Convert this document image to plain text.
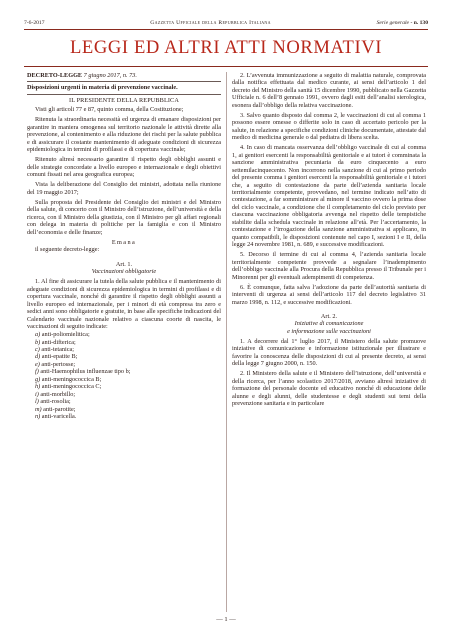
7-6-2017	Gazzetta Ufficiale della Repubblica Italiana	Serie generale - n. 130
LEGGI ED ALTRI ATTI NORMATIVI

DECRETO-LEGGE 7 giugno 2017, n. 73.

Disposizioni urgenti in materia di prevenzione vaccinale.

IL PRESIDENTE DELLA REPUBBLICA

Visti gli articoli 77 e 87, quinto comma, della Costituzione;

Ritenuta la straordinaria necessità ed urgenza di emanare disposizioni per garantire in maniera omogenea sul territorio nazionale le attività dirette alla prevenzione, al contenimento e alla riduzione dei rischi per la salute pubblica e di assicurare il costante mantenimento di adeguate condizioni di sicurezza epidemiologica in termini di profilassi e di copertura vaccinale;

Ritenuto altresì necessario garantire il rispetto degli obblighi assunti e delle strategie concordate a livello europeo e internazionale e degli obiettivi comuni fissati nel area geografica europea;

Vista la deliberazione del Consiglio dei ministri, adottata nella riunione del 19 maggio 2017;

Sulla proposta del Presidente del Consiglio dei ministri e del Ministro della salute, di concerto con il Ministro dell’istruzione, dell’università e della ricerca, con il Ministro della giustizia, con il Ministro per gli affari regionali con delega in materia di politiche per la famiglia e con il Ministro dell’economia e delle finanze;

Emana

il seguente decreto-legge:

Art. 1.

Vaccinazioni obbligatorie

1. Al fine di assicurare la tutela della salute pubblica e il mantenimento di adeguate condizioni di sicurezza epidemiologica in termini di profilassi e di copertura vaccinale, nonché di garantire il rispetto degli obblighi assunti a livello europeo ed internazionale, per i minori di età compresa tra zero e sedici anni sono obbligatorie e gratuite, in base alle specifiche indicazioni del Calendario vaccinale nazionale relativo a ciascuna coorte di nascita, le vaccinazioni di seguito indicate:

a) anti-poliomielitica;
b) anti-difterica;
c) anti-tetanica;
d) anti-epatite B;
e) anti-pertosse;
f) anti-Haemophilus influenzae tipo b;
g) anti-meningococcica B;
h) anti-meningococcica C;
i) anti-morbillo;
l) anti-rosolia;
m) anti-parotite;
n) anti-varicella.

2. L’avvenuta immunizzazione a seguito di malattia naturale, comprovata dalla notifica effettuata dal medico curante, ai sensi dell’articolo 1 del decreto del Ministro della sanità 15 dicembre 1990, pubblicato nella Gazzetta Ufficiale n. 6 dell’8 gennaio 1991, ovvero dagli esiti dell’analisi sierologica, esonera dall’obbligo della relativa vaccinazione.

3. Salvo quanto disposto dal comma 2, le vaccinazioni di cui al comma 1 possono essere omesse o differite solo in caso di accertato pericolo per la salute, in relazione a specifiche condizioni cliniche documentate, attestate dal medico di medicina generale o dal pediatra di libera scelta.

4. In caso di mancata osservanza dell’obbligo vaccinale di cui al comma 1, ai genitori esercenti la responsabilità genitoriale e ai tutori è comminata la sanzione amministrativa pecuniaria da euro cinquecento a euro settemilacinquecento. Non incorrono nella sanzione di cui al primo periodo del presente comma i genitori esercenti la responsabilità genitoriale e i tutori che, a seguito di contestazione da parte dell’azienda sanitaria locale territorialmente competente, provvedano, nel termine indicato nell’atto di contestazione, a far somministrare al minore il vaccino ovvero la prima dose del ciclo vaccinale, a condizione che il completamento del ciclo previsto per ciascuna vaccinazione obbligatoria avvenga nel rispetto delle tempistiche stabilite dalla schedula vaccinale in relazione all’età. Per l’accertamento, la contestazione e l’irrogazione della sanzione amministrativa si applicano, in quanto compatibili, le disposizioni contenute nel capo I, sezioni I e II, della legge 24 novembre 1981, n. 689, e successive modificazioni.

5. Decorso il termine di cui al comma 4, l’azienda sanitaria locale territorialmente competente provvede a segnalare l’inadempimento dell’obbligo vaccinale alla Procura della Repubblica presso il Tribunale per i Minorenni per gli eventuali adempimenti di competenza.

6. È comunque, fatta salva l’adozione da parte dell’autorità sanitaria di interventi di urgenza ai sensi dell’articolo 117 del decreto legislativo 31 marzo 1998, n. 112, e successive modificazioni.

Art. 2.

Iniziative di comunicazione

e informazione sulle vaccinazioni

1. A decorrere dal 1° luglio 2017, il Ministero della salute promuove iniziative di comunicazione e informazione istituzionale per illustrare e favorire la conoscenza delle disposizioni di cui al presente decreto, ai sensi della legge 7 giugno 2000, n. 150.

2. Il Ministero della salute e il Ministero dell’istruzione, dell’università e della ricerca, per l’anno scolastico 2017/2018, avviano altresì iniziative di formazione del personale docente ed educativo nonché di educazione delle alunne e degli alunni, delle studentesse e degli studenti sui temi della prevenzione sanitaria e in particolare

— 1 —
